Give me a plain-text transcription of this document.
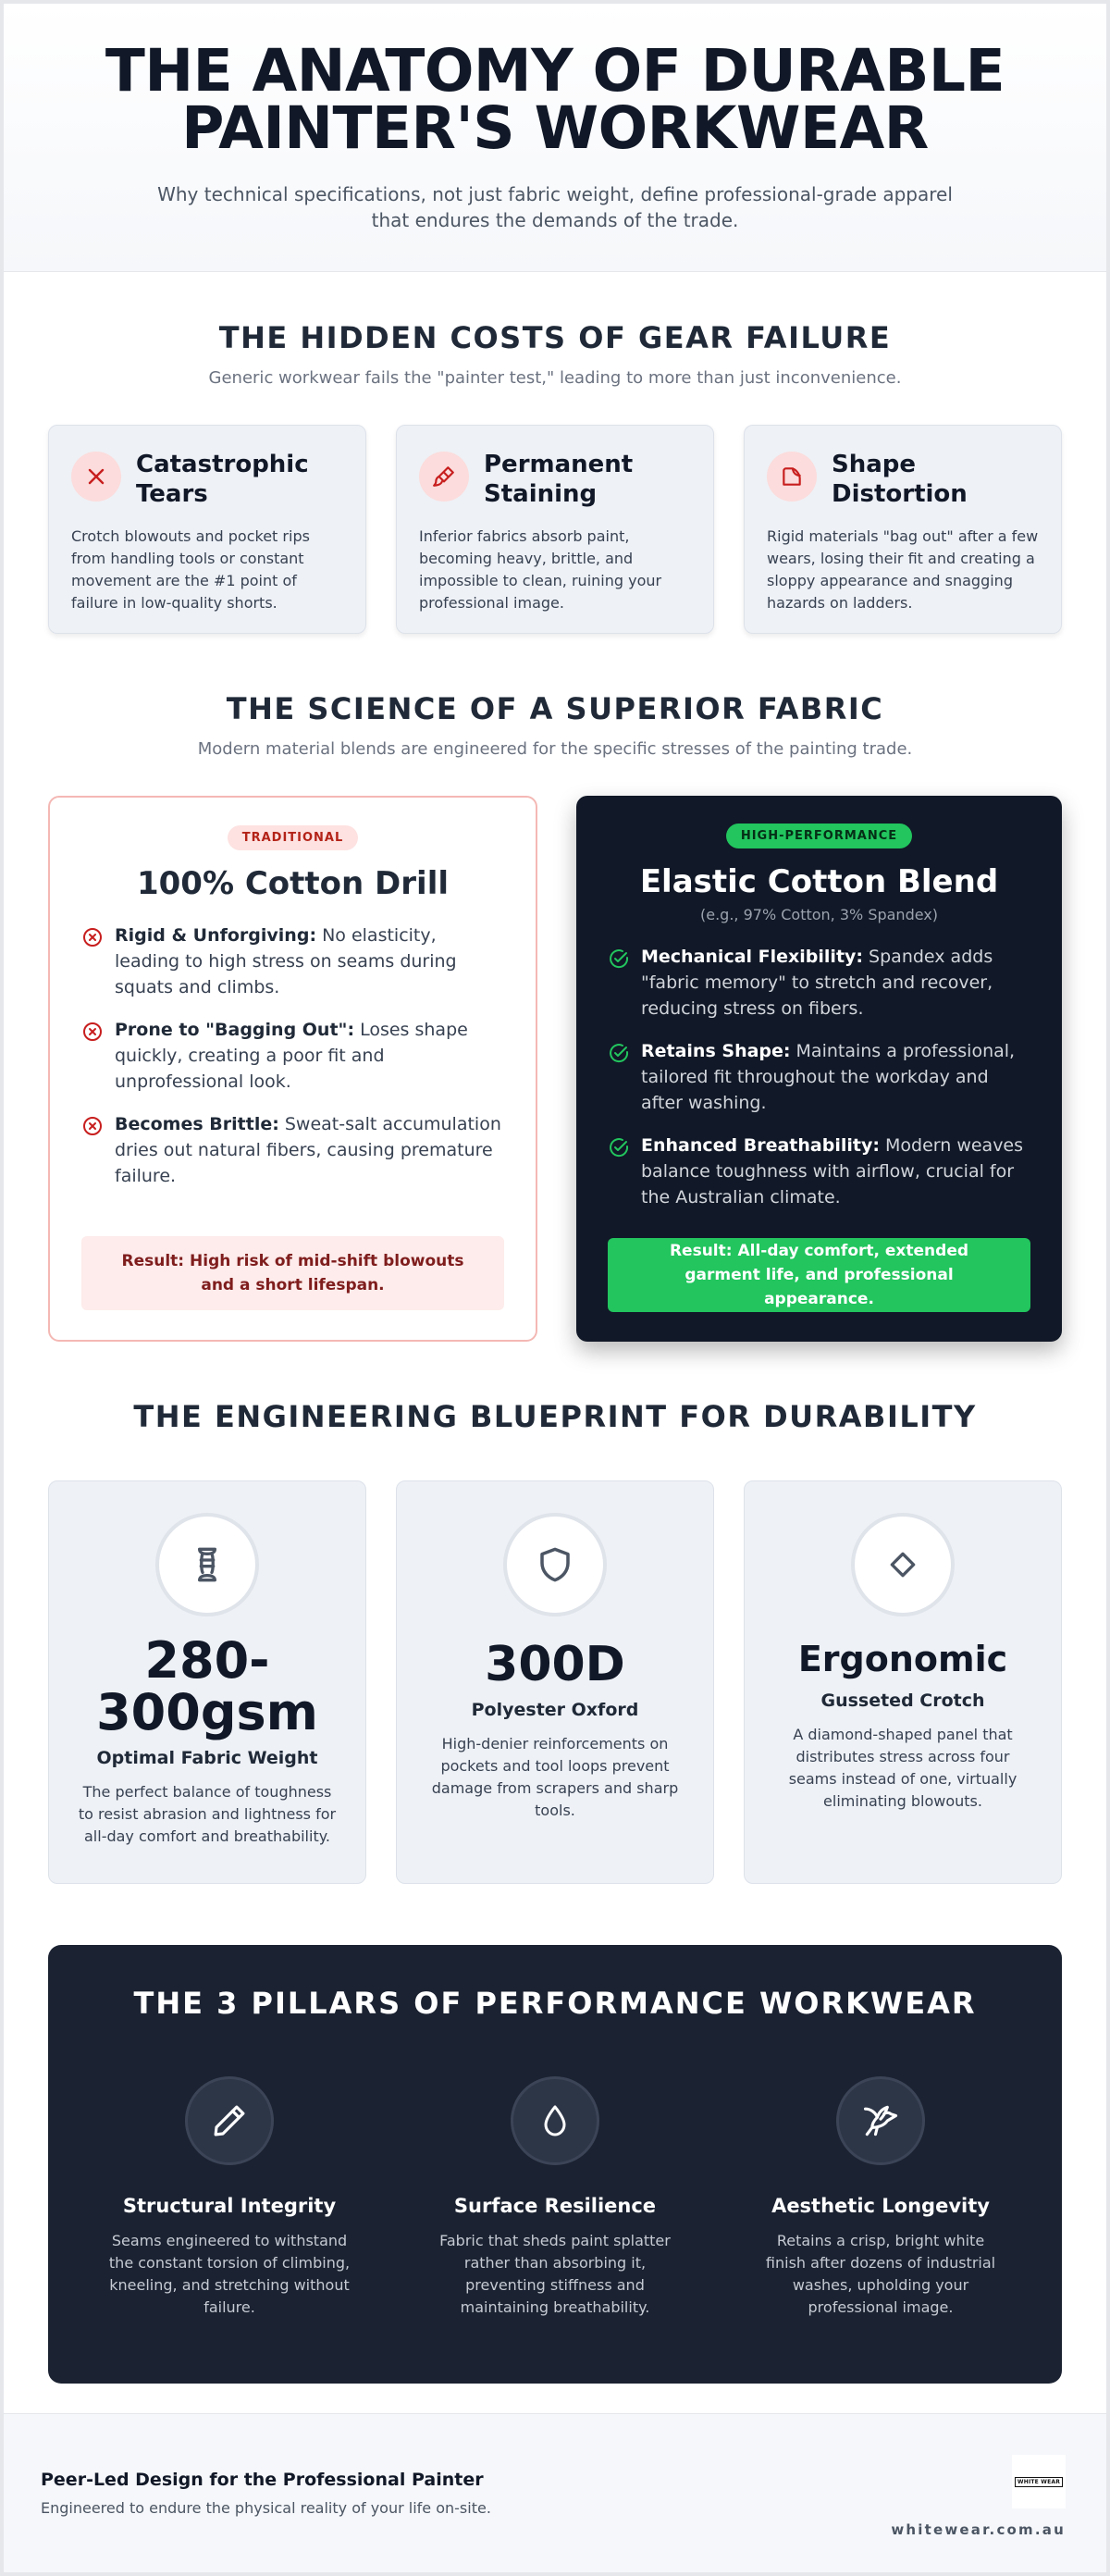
THE ANATOMY OF DURABLE
PAINTER'S WORKWEAR

Why technical specifications, not just fabric weight, define professional-grade apparel that endures the demands of the trade.

THE HIDDEN COSTS OF GEAR FAILURE

Generic workwear fails the "painter test," leading to more than just inconvenience.

Catastrophic Tears

Crotch blowouts and pocket rips from handling tools or constant movement are the #1 point of failure in low-quality shorts.

Permanent Staining

Inferior fabrics absorb paint, becoming heavy, brittle, and impossible to clean, ruining your professional image.

Shape Distortion

Rigid materials "bag out" after a few wears, losing their fit and creating a sloppy appearance and snagging hazards on ladders.

THE SCIENCE OF A SUPERIOR FABRIC

Modern material blends are engineered for the specific stresses of the painting trade.

TRADITIONAL
100% Cotton Drill
Rigid & Unforgiving: No elasticity, leading to high stress on seams during squats and climbs.
Prone to "Bagging Out": Loses shape quickly, creating a poor fit and unprofessional look.
Becomes Brittle: Sweat-salt accumulation dries out natural fibers, causing premature failure.
Result: High risk of mid-shift blowouts and a short lifespan.
HIGH-PERFORMANCE
Elastic Cotton Blend
(e.g., 97% Cotton, 3% Spandex)
Mechanical Flexibility: Spandex adds "fabric memory" to stretch and recover, reducing stress on fibers.
Retains Shape: Maintains a professional, tailored fit throughout the workday and after washing.
Enhanced Breathability: Modern weaves balance toughness with airflow, crucial for the Australian climate.
Result: All-day comfort, extended garment life, and professional appearance.
THE ENGINEERING BLUEPRINT FOR DURABILITY
280-
300gsm
Optimal Fabric Weight

The perfect balance of toughness to resist abrasion and lightness for all-day comfort and breathability.

300D
Polyester Oxford

High-denier reinforcements on pockets and tool loops prevent damage from scrapers and sharp tools.

Ergonomic
Gusseted Crotch

A diamond-shaped panel that distributes stress across four seams instead of one, virtually eliminating blowouts.

THE 3 PILLARS OF PERFORMANCE WORKWEAR
Structural Integrity

Seams engineered to withstand the constant torsion of climbing, kneeling, and stretching without failure.

Surface Resilience

Fabric that sheds paint splatter rather than absorbing it, preventing stiffness and maintaining breathability.

Aesthetic Longevity

Retains a crisp, bright white finish after dozens of industrial washes, upholding your professional image.

Peer-Led Design for the Professional Painter
Engineered to endure the physical reality of your life on-site.
WHITE WEAR
whitewear.com.au
